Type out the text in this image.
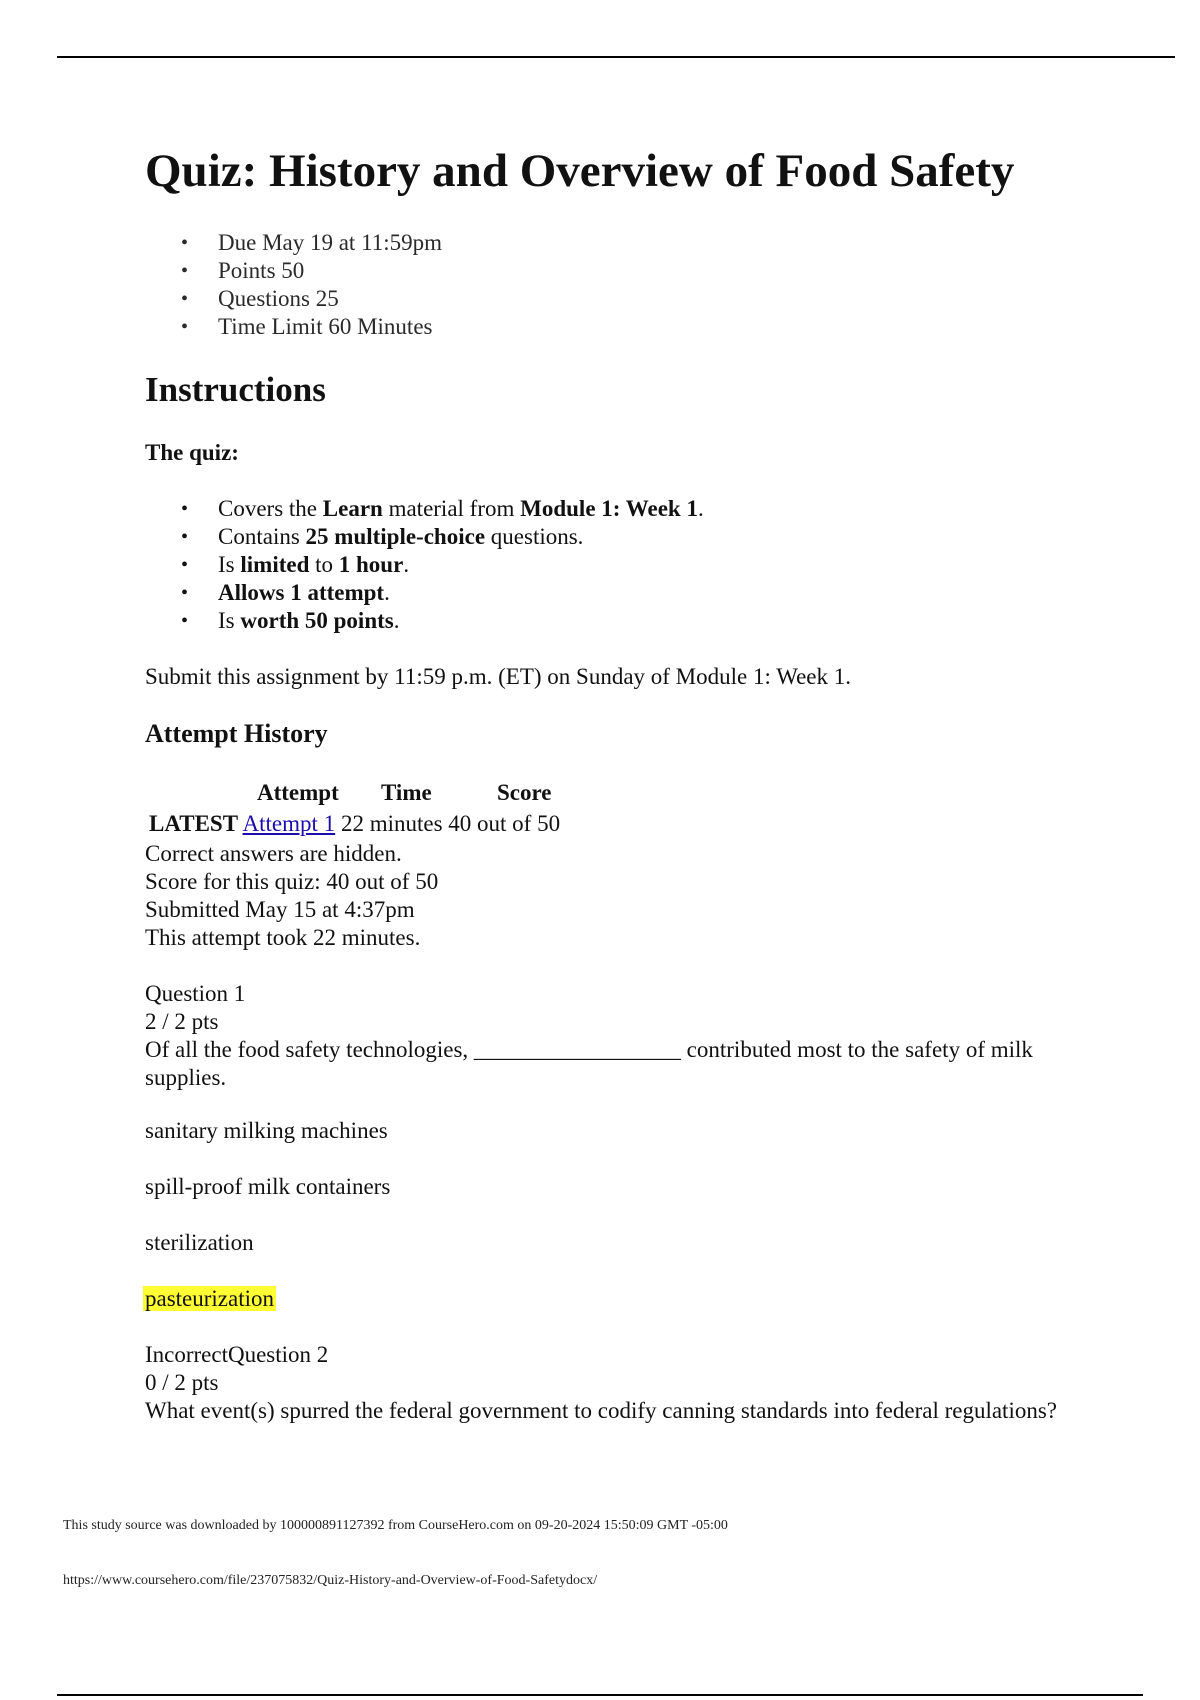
Quiz: History and Overview of Food Safety
• Due May 19 at 11:59pm
• Points 50
• Questions 25
• Time Limit 60 Minutes
Instructions
The quiz:
• Covers the Learn material from Module 1: Week 1.
• Contains 25 multiple-choice questions.
• Is limited to 1 hour.
• Allows 1 attempt.
• Is worth 50 points.
Submit this assignment by 11:59 p.m. (ET) on Sunday of Module 1: Week 1.
Attempt History
Attempt Time	Score
LATEST Attempt 1 22 minutes 40 out of 50
Correct answers are hidden.
Score for this quiz: 40 out of 50
Submitted May 15 at 4:37pm
This attempt took 22 minutes.
Question 1
2 / 2 pts
Of all the food safety technologies, __________________ contributed most to the safety of milk supplies.
sanitary milking machines
spill-proof milk containers
sterilization
pasteurization
IncorrectQuestion 2
0 / 2 pts
What event(s) spurred the federal government to codify canning standards into federal regulations?
This study source was downloaded by 100000891127392 from CourseHero.com on 09-20-2024 15:50:09 GMT -05:00
https://www.coursehero.com/file/237075832/Quiz-History-and-Overview-of-Food-Safetydocx/
